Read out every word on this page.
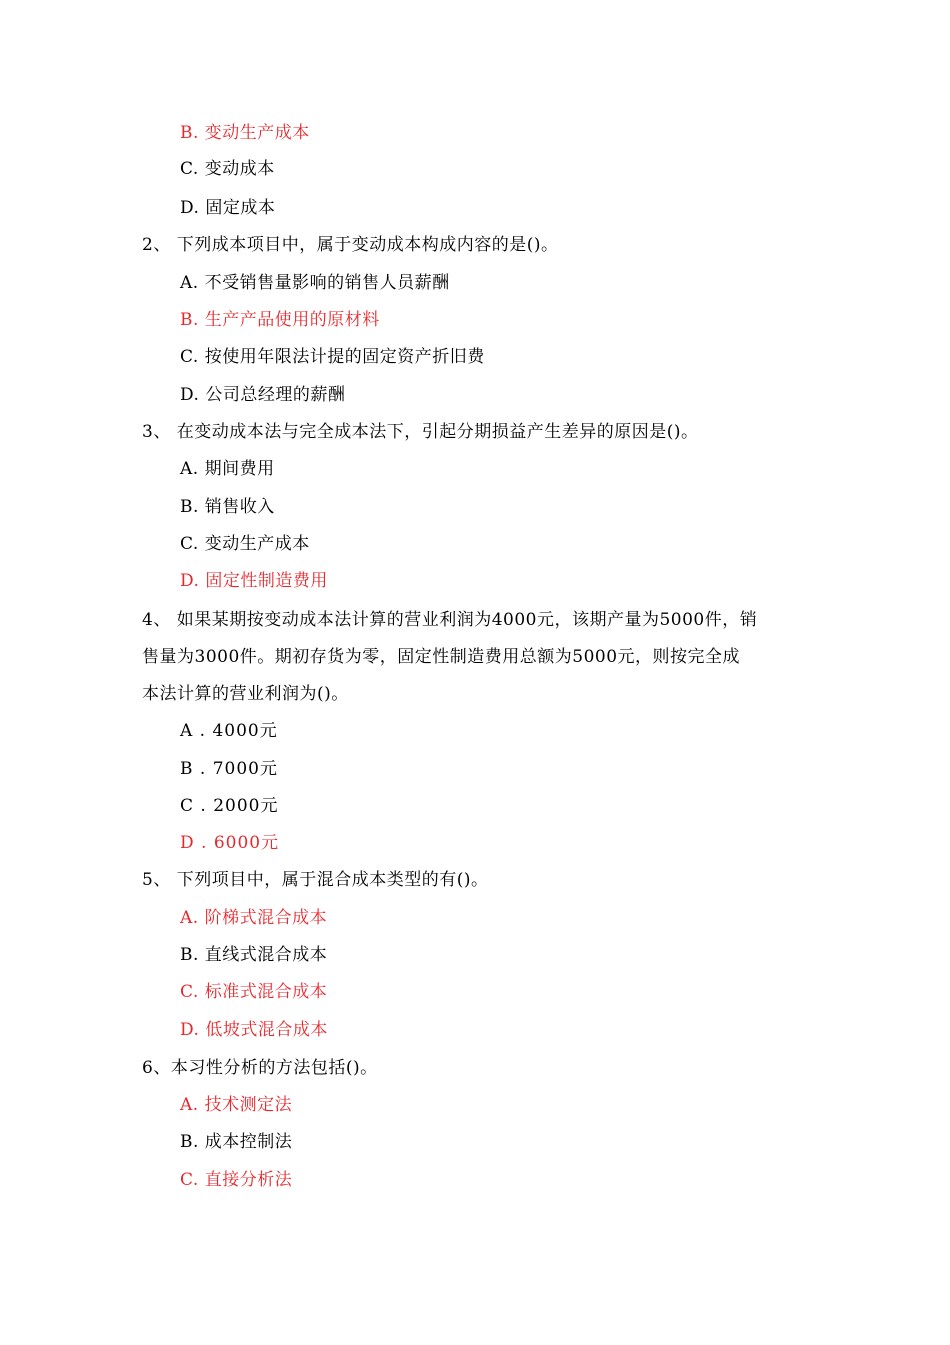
B. 变动生产成本
C. 变动成本
D. 固定成本
2、 下列成本项目中，属于变动成本构成内容的是()。
A. 不受销售量影响的销售人员薪酬
B. 生产产品使用的原材料
C. 按使用年限法计提的固定资产折旧费
D. 公司总经理的薪酬
3、 在变动成本法与完全成本法下，引起分期损益产生差异的原因是()。
A. 期间费用
B. 销售收入
C. 变动生产成本
D. 固定性制造费用
4、 如果某期按变动成本法计算的营业利润为4000元，该期产量为5000件，销
售量为3000件。期初存货为零，固定性制造费用总额为5000元，则按完全成
本法计算的营业利润为()。
A . 4000元
B . 7000元
C . 2000元
D . 6000元
5、 下列项目中，属于混合成本类型的有()。
A. 阶梯式混合成本
B. 直线式混合成本
C. 标准式混合成本
D. 低坡式混合成本
6、本习性分析的方法包括()。
A. 技术测定法
B. 成本控制法
C. 直接分析法
